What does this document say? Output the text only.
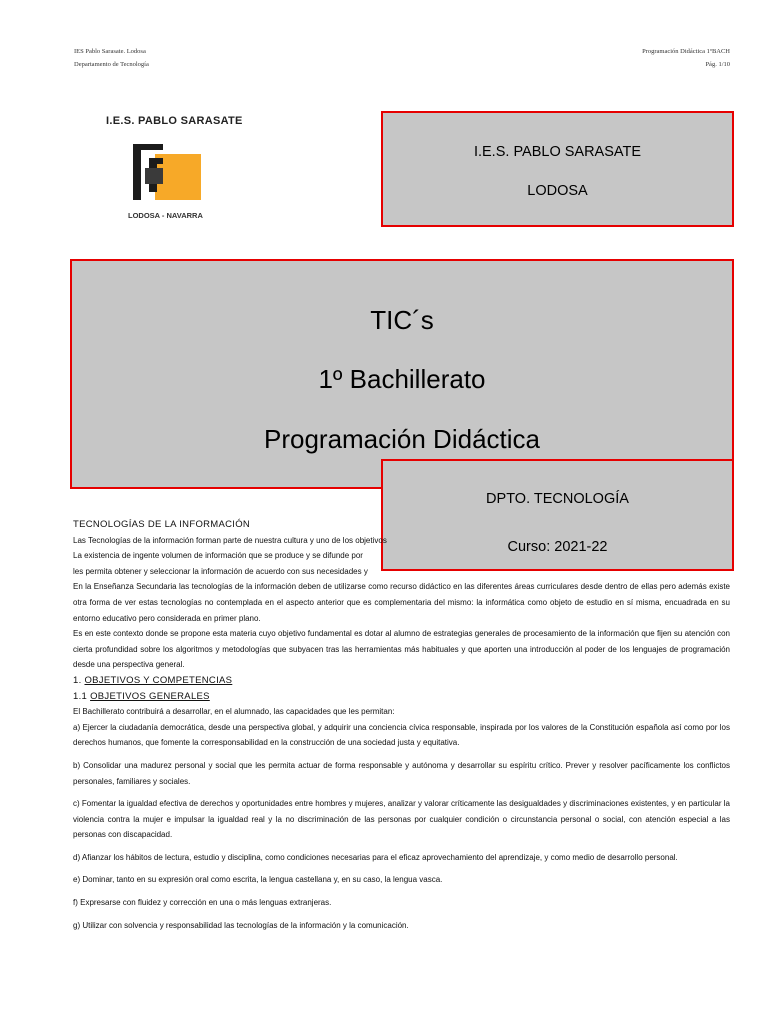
IES Pablo Sarasate. Lodosa
Departamento de Tecnología
Programación Didáctica 1ºBACH
Pág. 1/10
I.E.S. PABLO SARASATE
LODOSA - NAVARRA
I.E.S. PABLO SARASATE
LODOSA
TIC´s
1º Bachillerato
Programación Didáctica
DPTO. TECNOLOGÍA
Curso: 2021-22

TECNOLOGÍAS DE LA INFORMACIÓN

Las Tecnologías de la información forman parte de nuestra cultura y uno de los objetivos

La existencia de ingente volumen de información que se produce y se difunde por

les permita obtener y seleccionar la información de acuerdo con sus necesidades y

En la Enseñanza Secundaria las tecnologías de la información deben de utilizarse como recurso didáctico en las diferentes áreas curriculares desde dentro de ellas pero además existe otra forma de ver estas tecnologías no contemplada en el aspecto anterior que es complementaria del mismo: la informática como objeto de estudio en sí misma, encuadrada en su entorno educativo pero considerada en primer plano.

Es en este contexto donde se propone esta materia cuyo objetivo fundamental es dotar al alumno de estrategias generales de procesamiento de la información que fijen su atención con cierta profundidad sobre los algoritmos y metodologías que subyacen tras las herramientas más habituales y que aporten una introducción al poder de los lenguajes de programación desde una perspectiva general.

1. OBJETIVOS Y COMPETENCIAS

1.1 OBJETIVOS GENERALES

El Bachillerato contribuirá a desarrollar, en el alumnado, las capacidades que les permitan:

a) Ejercer la ciudadanía democrática, desde una perspectiva global, y adquirir una conciencia cívica responsable, inspirada por los valores de la Constitución española así como por los derechos humanos, que fomente la corresponsabilidad en la construcción de una sociedad justa y equitativa.

b) Consolidar una madurez personal y social que les permita actuar de forma responsable y autónoma y desarrollar su espíritu crítico. Prever y resolver pacíficamente los conflictos personales, familiares y sociales.

c) Fomentar la igualdad efectiva de derechos y oportunidades entre hombres y mujeres, analizar y valorar críticamente las desigualdades y discriminaciones existentes, y en particular la violencia contra la mujer e impulsar la igualdad real y la no discriminación de las personas por cualquier condición o circunstancia personal o social, con atención especial a las personas con discapacidad.

d) Afianzar los hábitos de lectura, estudio y disciplina, como condiciones necesarias para el eficaz aprovechamiento del aprendizaje, y como medio de desarrollo personal.

e) Dominar, tanto en su expresión oral como escrita, la lengua castellana y, en su caso, la lengua vasca.

f) Expresarse con fluidez y corrección en una o más lenguas extranjeras.

g) Utilizar con solvencia y responsabilidad las tecnologías de la información y la comunicación.
